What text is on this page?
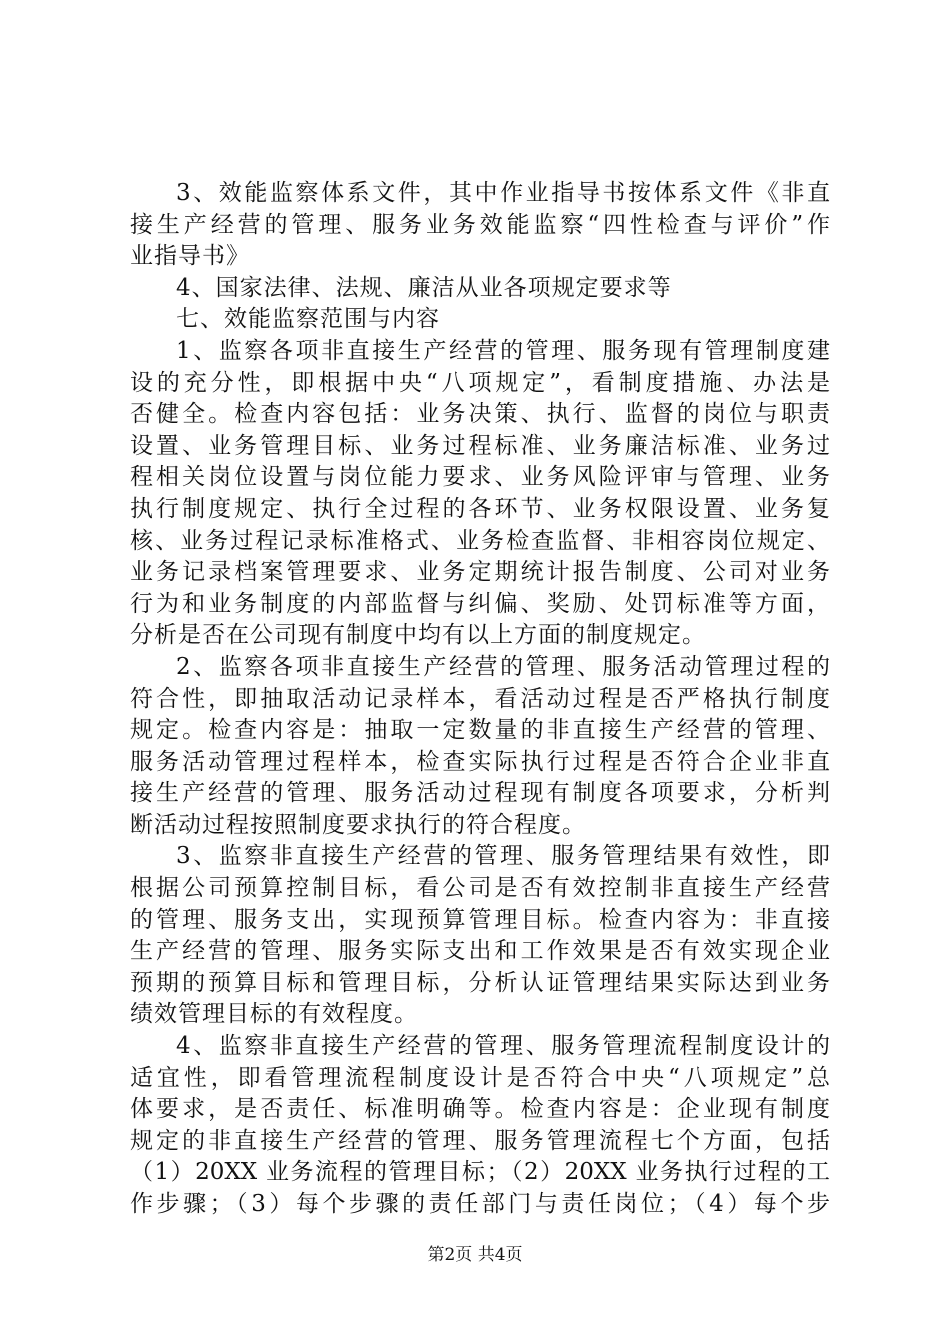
3、效能监察体系文件，其中作业指导书按体系文件《非直
接生产经营的管理、服务业务效能监察“四性检查与评价”作
业指导书》
4、国家法律、法规、廉洁从业各项规定要求等
七、效能监察范围与内容
1、监察各项非直接生产经营的管理、服务现有管理制度建
设的充分性，即根据中央“八项规定”，看制度措施、办法是
否健全。检查内容包括：业务决策、执行、监督的岗位与职责
设置、业务管理目标、业务过程标准、业务廉洁标准、业务过
程相关岗位设置与岗位能力要求、业务风险评审与管理、业务
执行制度规定、执行全过程的各环节、业务权限设置、业务复
核、业务过程记录标准格式、业务检查监督、非相容岗位规定、
业务记录档案管理要求、业务定期统计报告制度、公司对业务
行为和业务制度的内部监督与纠偏、奖励、处罚标准等方面，
分析是否在公司现有制度中均有以上方面的制度规定。
2、监察各项非直接生产经营的管理、服务活动管理过程的
符合性，即抽取活动记录样本，看活动过程是否严格执行制度
规定。检查内容是：抽取一定数量的非直接生产经营的管理、
服务活动管理过程样本，检查实际执行过程是否符合企业非直
接生产经营的管理、服务活动过程现有制度各项要求，分析判
断活动过程按照制度要求执行的符合程度。
3、监察非直接生产经营的管理、服务管理结果有效性，即
根据公司预算控制目标，看公司是否有效控制非直接生产经营
的管理、服务支出，实现预算管理目标。检查内容为：非直接
生产经营的管理、服务实际支出和工作效果是否有效实现企业
预期的预算目标和管理目标，分析认证管理结果实际达到业务
绩效管理目标的有效程度。
4、监察非直接生产经营的管理、服务管理流程制度设计的
适宜性，即看管理流程制度设计是否符合中央“八项规定”总
体要求，是否责任、标准明确等。检查内容是：企业现有制度
规定的非直接生产经营的管理、服务管理流程七个方面，包括
（1）20XX 业务流程的管理目标；（2）20XX 业务执行过程的工
作步骤；（3）每个步骤的责任部门与责任岗位；（4）每个步
第2页 共4页
